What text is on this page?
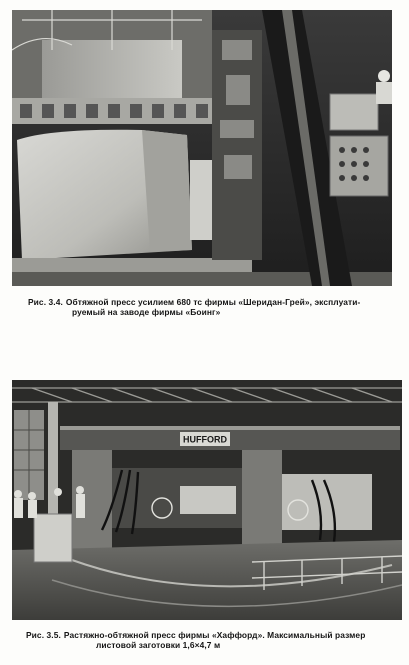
Рис. 3.4. Обтяжной пресс усилием 680 тс фирмы «Шеридан-Грей», эксплуати-
руемый на заводе фирмы «Боинг»
HUFFORD
Рис. 3.5. Растяжно-обтяжной пресс фирмы «Хаффорд». Максимальный размер
листовой заготовки 1,6×4,7 м
